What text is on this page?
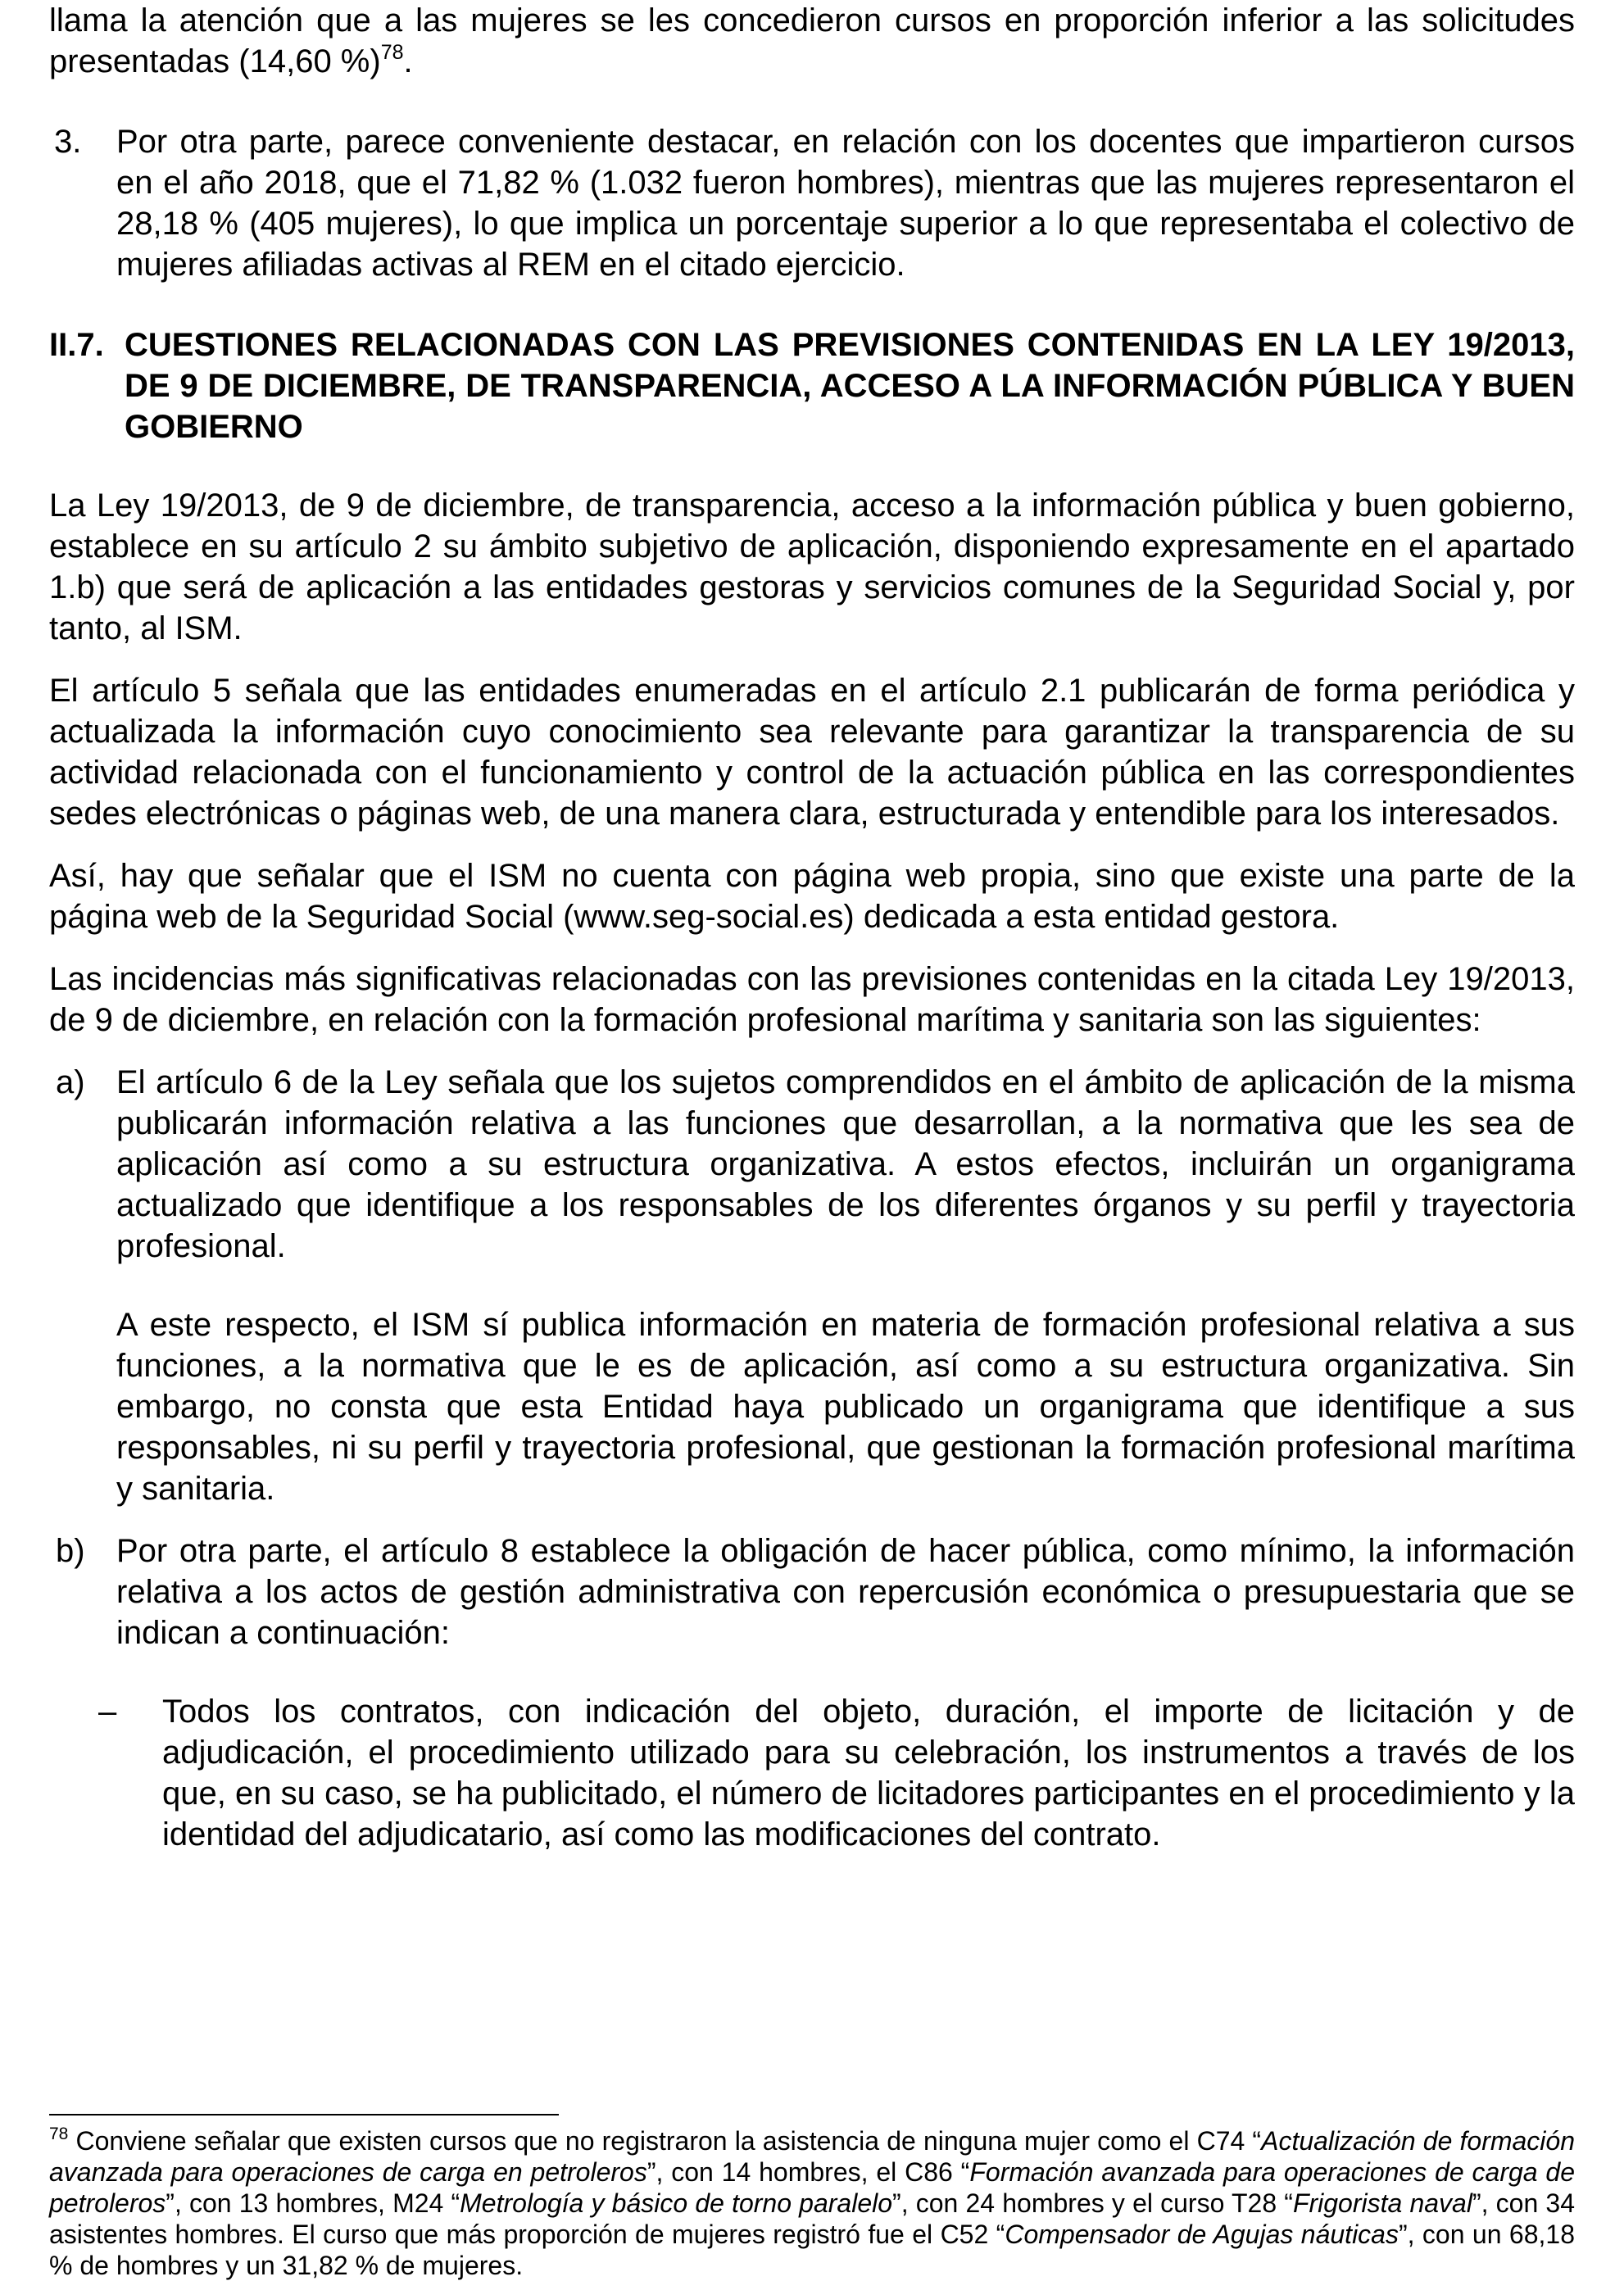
llama la atención que a las mujeres se les concedieron cursos en proporción inferior a las solicitudes presentadas (14,60 %)$^{78}$.

3. Por otra parte, parece conveniente destacar, en relación con los docentes que impartieron cursos en el año 2018, que el 71,82 % (1.032 fueron hombres), mientras que las mujeres representaron el 28,18 % (405 mujeres), lo que implica un porcentaje superior a lo que representaba el colectivo de mujeres afiliadas activas al REM en el citado ejercicio.

II.7. CUESTIONES RELACIONADAS CON LAS PREVISIONES CONTENIDAS EN LA LEY 19/2013, DE 9 DE DICIEMBRE, DE TRANSPARENCIA, ACCESO A LA INFORMACIÓN PÚBLICA Y BUEN GOBIERNO

La Ley 19/2013, de 9 de diciembre, de transparencia, acceso a la información pública y buen gobierno, establece en su artículo 2 su ámbito subjetivo de aplicación, disponiendo expresamente en el apartado 1.b) que será de aplicación a las entidades gestoras y servicios comunes de la Seguridad Social y, por tanto, al ISM.

El artículo 5 señala que las entidades enumeradas en el artículo 2.1 publicarán de forma periódica y actualizada la información cuyo conocimiento sea relevante para garantizar la transparencia de su actividad relacionada con el funcionamiento y control de la actuación pública en las correspondientes sedes electrónicas o páginas web, de una manera clara, estructurada y entendible para los interesados.

Así, hay que señalar que el ISM no cuenta con página web propia, sino que existe una parte de la página web de la Seguridad Social (www.seg-social.es) dedicada a esta entidad gestora.

Las incidencias más significativas relacionadas con las previsiones contenidas en la citada Ley 19/2013, de 9 de diciembre, en relación con la formación profesional marítima y sanitaria son las siguientes:

a) El artículo 6 de la Ley señala que los sujetos comprendidos en el ámbito de aplicación de la misma publicarán información relativa a las funciones que desarrollan, a la normativa que les sea de aplicación así como a su estructura organizativa. A estos efectos, incluirán un organigrama actualizado que identifique a los responsables de los diferentes órganos y su perfil y trayectoria profesional.

A este respecto, el ISM sí publica información en materia de formación profesional relativa a sus funciones, a la normativa que le es de aplicación, así como a su estructura organizativa. Sin embargo, no consta que esta Entidad haya publicado un organigrama que identifique a sus responsables, ni su perfil y trayectoria profesional, que gestionan la formación profesional marítima y sanitaria.

b) Por otra parte, el artículo 8 establece la obligación de hacer pública, como mínimo, la información relativa a los actos de gestión administrativa con repercusión económica o presupuestaria que se indican a continuación:

– Todos los contratos, con indicación del objeto, duración, el importe de licitación y de adjudicación, el procedimiento utilizado para su celebración, los instrumentos a través de los que, en su caso, se ha publicitado, el número de licitadores participantes en el procedimiento y la identidad del adjudicatario, así como las modificaciones del contrato.

$^{78}$ Conviene señalar que existen cursos que no registraron la asistencia de ninguna mujer como el C74 “Actualización de formación avanzada para operaciones de carga en petroleros”, con 14 hombres, el C86 “Formación avanzada para operaciones de carga de petroleros”, con 13 hombres, M24 “Metrología y básico de torno paralelo”, con 24 hombres y el curso T28 “Frigorista naval”, con 34 asistentes hombres. El curso que más proporción de mujeres registró fue el C52 “Compensador de Agujas náuticas”, con un 68,18 % de hombres y un 31,82 % de mujeres.
